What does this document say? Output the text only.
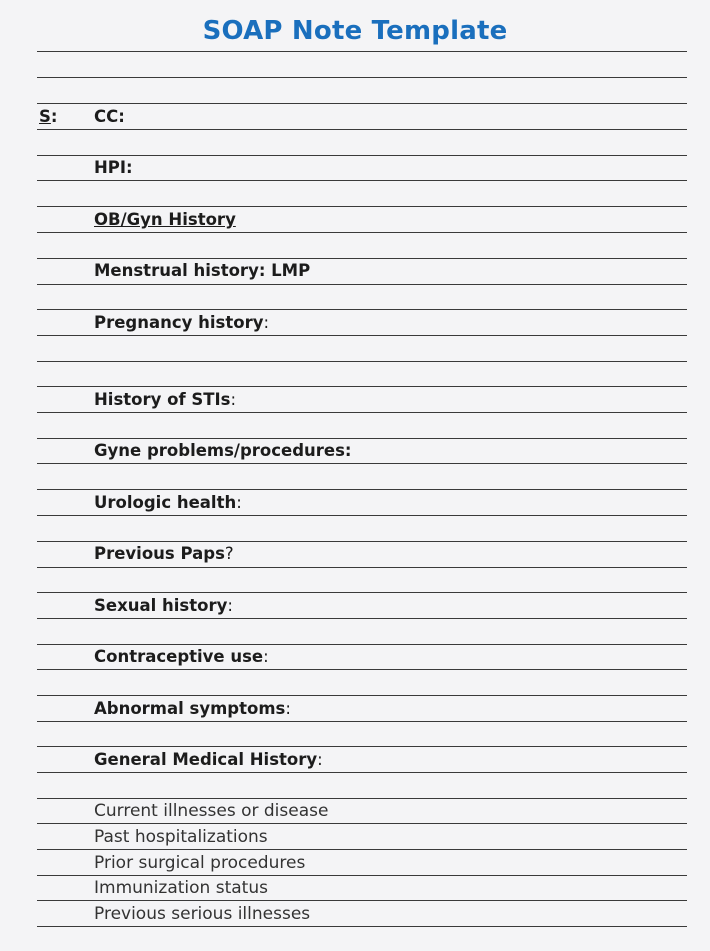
SOAP Note Template
S: CC:
HPI:
OB/Gyn History
Menstrual history: LMP
Pregnancy history:
History of STIs:
Gyne problems/procedures:
Urologic health:
Previous Paps?
Sexual history:
Contraceptive use:
Abnormal symptoms:
General Medical History:
Current illnesses or disease
Past hospitalizations
Prior surgical procedures
Immunization status
Previous serious illnesses
